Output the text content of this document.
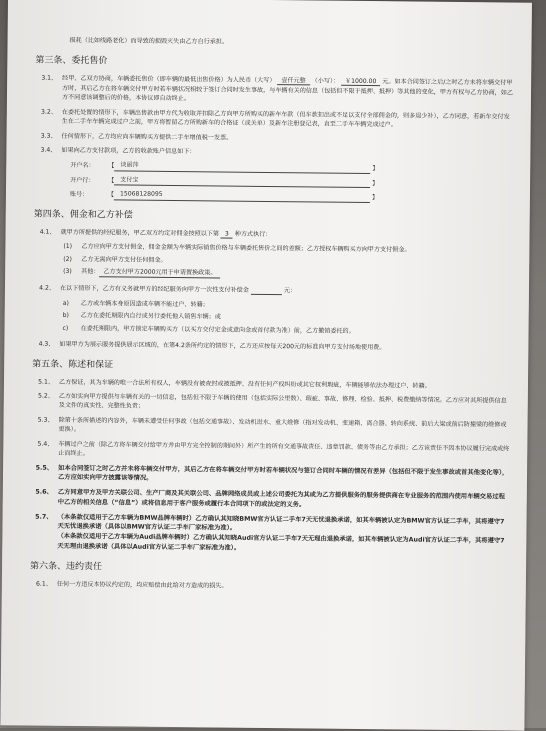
损耗（比如线路老化）而导致的损毁灭失由乙方自行承担。
第三条、委托售价
3.1、 经甲、乙双方协商，车辆委托售价（即车辆的最低出售价格）为人民币（大写） 壹仟元整 （小写）： ￥1000.00 元。如本合同签订之后/之时乙方未将车辆交付甲方时，其后乙方在将车辆交付甲方时若车辆状况相较于签订合同时发生事故，与车辆有关的信息（包括但不限于抵押、抵押）等其他的变化，甲方有权与乙方协商，如乙方不同意该调整后的价格，本协议即自动终止。
3.2、 在委托处置的情形下，车辆出售款由甲方代为收取并扣除乙方向甲方所购买的新车车款（但车款扣出或不足以支付全部佣金的，则多退少补），乙方同意，若新车交付发生在二手车车辆完成过户之前，甲方将暂留乙方所购新车的合格证（或关单）及新车注册登记表，直至二手车车辆完成过户。
3.3、 任何情形下，乙方均应向车辆购买方提供二手车增值税一发票。
3.4、 如果向乙方支付款项，乙方的收款账户信息如下：
开户名：	【 谈丽萍	】
开户行：	【 支付宝	】
账号：	【 15068128095	】
第四条、佣金和乙方补偿
4.1、 就甲方所提供的经纪服务，甲乙双方约定对佣金按照以下第 3 种方式执行：
(1)	乙方应向甲方支付佣金，佣金金额为车辆实际销售价格与车辆委托售价之间的差额；乙方授权车辆购买方向甲方支付佣金。
(2)	乙方无需向甲方支付任何佣金。
(3)	其他： 乙方支付甲方2000元用于申请置换政策。
4.2、 在以下情形下，乙方有义务就甲方的经纪服务向甲方一次性支付补偿金	元：
a)	乙方或车辆本身原因造成车辆不能过户、转籍；
b)	乙方在委托期限内自行或另行委托他人销售车辆；或
c)	在委托期限内，甲方锁定车辆购买方（以买方交付定金或意向金或首付款为准）前，乙方撤销委托的。
4.3、 如果甲方为展示服务提供展示区域的，在第4.2条所约定的情形下，乙方还应按每天200元的标准向甲方支付场地使用费。
第五条、陈述和保证
5.1、 乙方保证，其为车辆的唯一合法所有权人，车辆没有被查封或被抵押、没有任何产权纠纷或其它权利瑕疵，车辆能够依法办理过户、转籍。
5.2、 乙方如实向甲方提供与车辆有关的一切信息，包括但不限于车辆的使用（包括实际公里数）、瑕疵、事故、修理、检验、抵押、税费缴纳等情况。乙方应对其所提供信息及文件的真实性、完整性负责；
5.3、 除第十条所描述的内容外，车辆未遭受任何事故（包括交通事故）、发动机进水、重大维修（指对发动机、变速箱、离合器、转向系统、前后大梁或前后防撞梁的维修或更换）。
5.4、 车辆过户之前（除乙方将车辆交付给甲方并由甲方完全控制的期间外）所产生的所有交通事故责任、违章罚款、债务等由乙方承担；乙方该责任不因本协议履行完成或终止而终止。
5.5、 如本合同签订之时乙方并未将车辆交付甲方，其后乙方在将车辆交付甲方时若车辆状况与签订合同时车辆的情况有差异（包括但不限于发生事故或首其他变化等），乙方应如实向甲方披露该等情况。
5.6、 乙方同意甲方及甲方关联公司、生产厂商及其关联公司、品牌网络成员或上述公司委托为其或为乙方提供服务的服务提供商在专业服务的范围内使用车辆交易过程中乙方的相关信息（“信息”）或将信息用于客户服务或履行本合同项下的或法定的义务。
5.7、 （本条款仅适用于乙方车辆为BMW品牌车辆时）乙方确认其知晓BMW官方认证二手车7天无忧退换承诺，如其车辆被认定为BMW官方认证二手车，其将遵守7天无忧退换承诺（具体以BMW官方认证二手车厂家标准为准）。
（本条款仅适用于乙方车辆为Audi品牌车辆时）乙方确认其知晓Audi官方认证二手车7天无理由退换承诺，如其车辆被认定为Audi官方认证二手车，其将遵守7天无理由退换承诺（具体以Audi官方认证二手车厂家标准为准）。
第六条、违约责任
6.1、 任何一方违反本协议约定的，均应赔偿由此给对方造成的损失。
